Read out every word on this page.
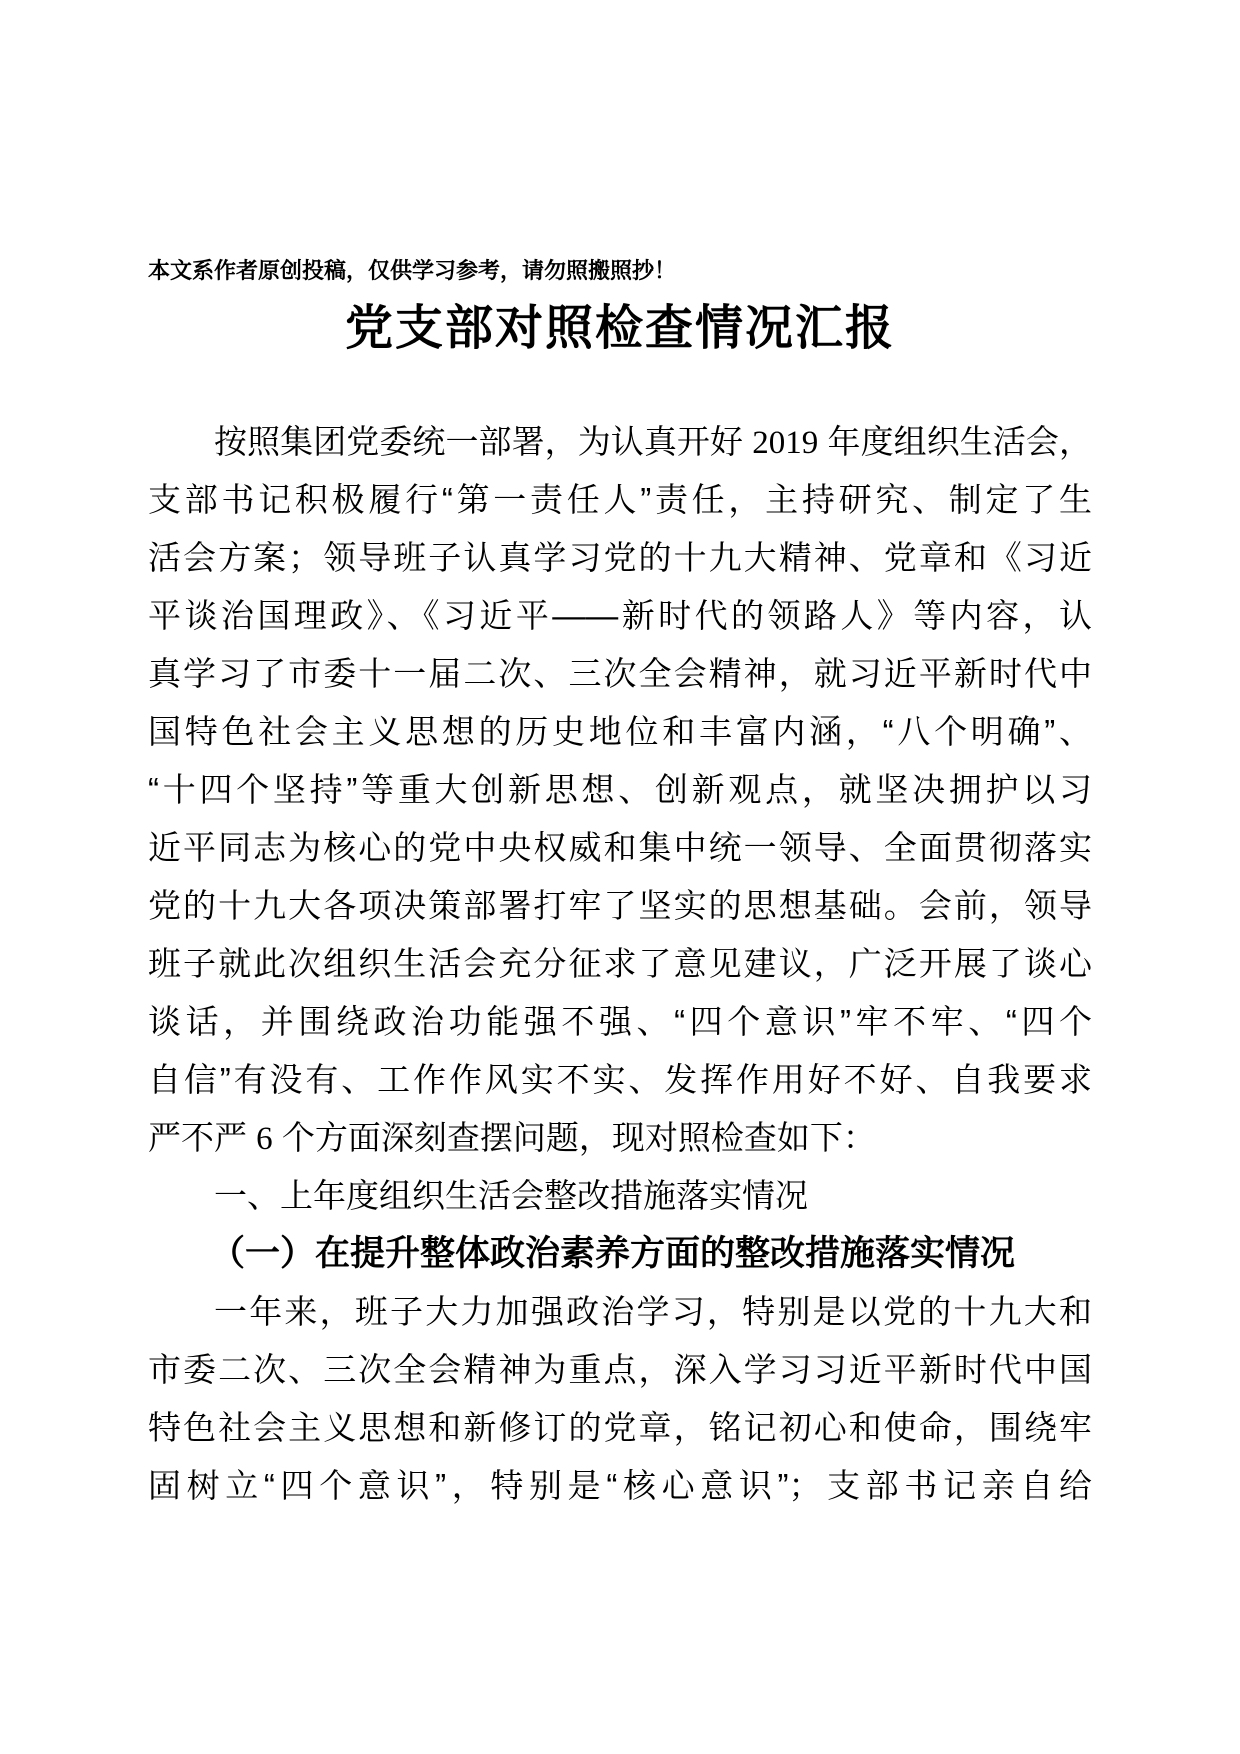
本文系作者原创投稿，仅供学习参考，请勿照搬照抄！
党支部对照检查情况汇报
按照集团党委统一部署，为认真开好 2019 年度组织生活会，
支部书记积极履行“第一责任人”责任，主持研究、制定了生
活会方案；领导班子认真学习党的十九大精神、党章和《习近
平谈治国理政》、《习近平——新时代的领路人》等内容，认
真学习了市委十一届二次、三次全会精神，就习近平新时代中
国特色社会主义思想的历史地位和丰富内涵，“八个明确”、
“十四个坚持”等重大创新思想、创新观点，就坚决拥护以习
近平同志为核心的党中央权威和集中统一领导、全面贯彻落实
党的十九大各项决策部署打牢了坚实的思想基础。会前，领导
班子就此次组织生活会充分征求了意见建议，广泛开展了谈心
谈话，并围绕政治功能强不强、“四个意识”牢不牢、“四个
自信”有没有、工作作风实不实、发挥作用好不好、自我要求
严不严 6 个方面深刻查摆问题，现对照检查如下：
一、上年度组织生活会整改措施落实情况
（一）在提升整体政治素养方面的整改措施落实情况
一年来，班子大力加强政治学习，特别是以党的十九大和
市委二次、三次全会精神为重点，深入学习习近平新时代中国
特色社会主义思想和新修订的党章，铭记初心和使命，围绕牢
固树立“四个意识”，特别是“核心意识”；支部书记亲自给
